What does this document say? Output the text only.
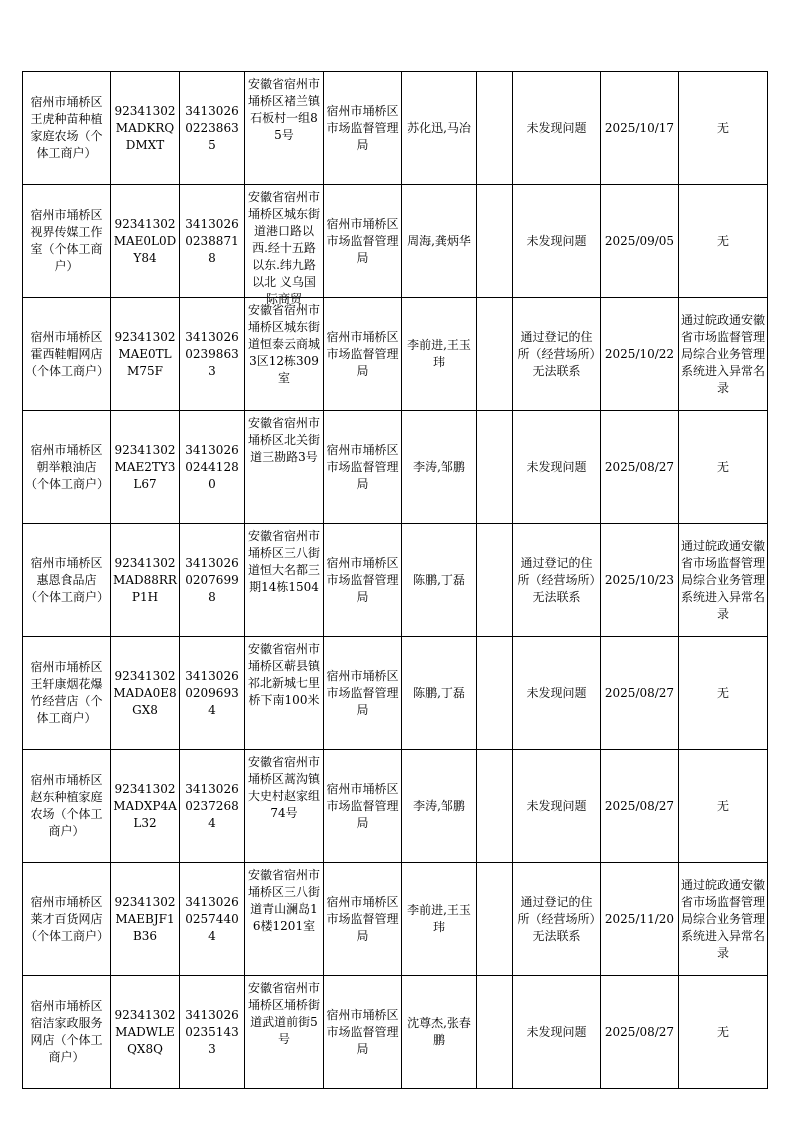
宿州市埇桥区王虎种苗种植家庭农场（个体工商户）	92341302MADKRQDMXT	341302602238635	安徽省宿州市埇桥区褚兰镇石板村一组85号	宿州市埇桥区市场监督管理局	苏化迅,马冶		未发现问题	2025/10/17	无
宿州市埇桥区视界传媒工作室（个体工商户）	92341302MAE0L0DY84	341302602388718	安徽省宿州市埇桥区城东街道港口路以西.经十五路以东.纬九路以北 义乌国际商贸	宿州市埇桥区市场监督管理局	周海,龚炳华		未发现问题	2025/09/05	无
宿州市埇桥区霍西鞋帽网店（个体工商户）	92341302MAE0TLM75F	341302602398633	安徽省宿州市埇桥区城东街道恒泰云商城3区12栋309室	宿州市埇桥区市场监督管理局	李前进,王玉玮		通过登记的住所（经营场所）无法联系	2025/10/22	通过皖政通安徽省市场监督管理局综合业务管理系统进入异常名录
宿州市埇桥区朝举粮油店（个体工商户）	92341302MAE2TY3L67	341302602441280	安徽省宿州市埇桥区北关街道三勘路3号	宿州市埇桥区市场监督管理局	李涛,邹鹏		未发现问题	2025/08/27	无
宿州市埇桥区惠恩食品店（个体工商户）	92341302MAD88RRP1H	341302602076998	安徽省宿州市埇桥区三八街道恒大名都三期14栋1504	宿州市埇桥区市场监督管理局	陈鹏,丁磊		通过登记的住所（经营场所）无法联系	2025/10/23	通过皖政通安徽省市场监督管理局综合业务管理系统进入异常名录
宿州市埇桥区王轩康烟花爆竹经营店（个体工商户）	92341302MADA0E8GX8	341302602096934	安徽省宿州市埇桥区蕲县镇祁北新城七里桥下南100米	宿州市埇桥区市场监督管理局	陈鹏,丁磊		未发现问题	2025/08/27	无
宿州市埇桥区赵东种植家庭农场（个体工商户）	92341302MADXP4AL32	341302602372684	安徽省宿州市埇桥区蒿沟镇大史村赵家组74号	宿州市埇桥区市场监督管理局	李涛,邹鹏		未发现问题	2025/08/27	无
宿州市埇桥区莱才百货网店（个体工商户）	92341302MAEBJF1B36	341302602574404	安徽省宿州市埇桥区三八街道青山澜岛16楼1201室	宿州市埇桥区市场监督管理局	李前进,王玉玮		通过登记的住所（经营场所）无法联系	2025/11/20	通过皖政通安徽省市场监督管理局综合业务管理系统进入异常名录
宿州市埇桥区宿洁家政服务网店（个体工商户）	92341302MADWLEQX8Q	341302602351433	安徽省宿州市埇桥区埇桥街道武道前街5号	宿州市埇桥区市场监督管理局	沈尊杰,张春鹏		未发现问题	2025/08/27	无
